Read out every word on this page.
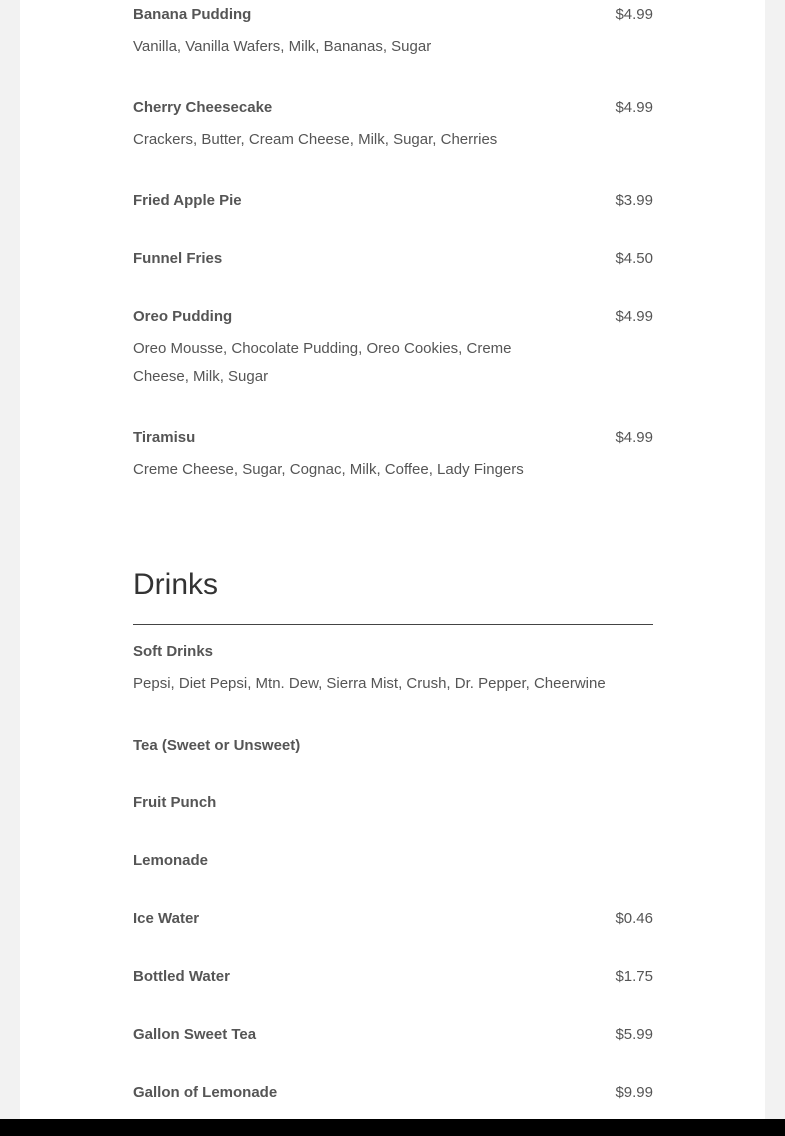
Banana Pudding	$4.99
Vanilla, Vanilla Wafers, Milk, Bananas, Sugar
Cherry Cheesecake	$4.99
Crackers, Butter, Cream Cheese, Milk, Sugar, Cherries
Fried Apple Pie	$3.99
Funnel Fries	$4.50
Oreo Pudding	$4.99
Oreo Mousse, Chocolate Pudding, Oreo Cookies, Creme Cheese, Milk, Sugar
Tiramisu	$4.99
Creme Cheese, Sugar, Cognac, Milk, Coffee, Lady Fingers
Drinks
Soft Drinks
Pepsi, Diet Pepsi, Mtn. Dew, Sierra Mist, Crush, Dr. Pepper, Cheerwine
Tea (Sweet or Unsweet)
Fruit Punch
Lemonade
Ice Water	$0.46
Bottled Water	$1.75
Gallon Sweet Tea	$5.99
Gallon of Lemonade	$9.99
